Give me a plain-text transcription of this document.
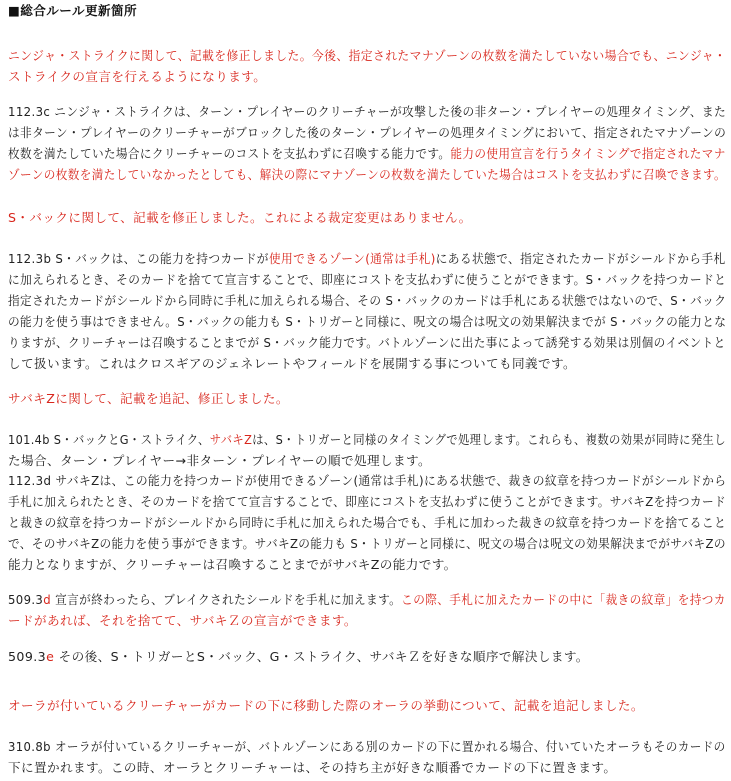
■総合ルール更新箇所
ニンジャ・ストライクに関して、記載を修正しました。今後、指定されたマナゾーンの枚数を満たしていない場合でも、ニンジャ・
ストライクの宣言を行えるようになります。
112.3c ニンジャ・ストライクは、ターン・プレイヤーのクリーチャーが攻撃した後の非ターン・プレイヤーの処理タイミング、また
は非ターン・プレイヤーのクリーチャーがブロックした後のターン・プレイヤーの処理タイミングにおいて、指定されたマナゾーンの
枚数を満たしていた場合にクリーチャーのコストを支払わずに召喚する能力です。能力の使用宣言を行うタイミングで指定されたマナ
ゾーンの枚数を満たしていなかったとしても、解決の際にマナゾーンの枚数を満たしていた場合はコストを支払わずに召喚できます。
S・バックに関して、記載を修正しました。これによる裁定変更はありません。
112.3b S・バックは、この能力を持つカードが使用できるゾーン(通常は手札)にある状態で、指定されたカードがシールドから手札
に加えられるとき、そのカードを捨てて宣言することで、即座にコストを支払わずに使うことができます。S・バックを持つカードと
指定されたカードがシールドから同時に手札に加えられる場合、その S・バックのカードは手札にある状態ではないので、S・バック
の能力を使う事はできません。S・バックの能力も S・トリガーと同様に、呪文の場合は呪文の効果解決までが S・バックの能力とな
りますが、クリーチャーは召喚することまでが S・バック能力です。バトルゾーンに出た事によって誘発する効果は別個のイベントと
して扱います。これはクロスギアのジェネレートやフィールドを展開する事についても同義です。
サバキZに関して、記載を追記、修正しました。
101.4b S・バックとG・ストライク、サバキZは、S・トリガーと同様のタイミングで処理します。これらも、複数の効果が同時に発生し
た場合、ターン・プレイヤー→非ターン・プレイヤーの順で処理します。
112.3d サバキZは、この能力を持つカードが使用できるゾーン(通常は手札)にある状態で、裁きの紋章を持つカードがシールドから
手札に加えられたとき、そのカードを捨てて宣言することで、即座にコストを支払わずに使うことができます。サバキZを持つカード
と裁きの紋章を持つカードがシールドから同時に手札に加えられた場合でも、手札に加わった裁きの紋章を持つカードを捨てること
で、そのサバキZの能力を使う事ができます。サバキZの能力も S・トリガーと同様に、呪文の場合は呪文の効果解決までがサバキZの
能力となりますが、クリーチャーは召喚することまでがサバキZの能力です。
509.3d 宣言が終わったら、ブレイクされたシールドを手札に加えます。この際、手札に加えたカードの中に「裁きの紋章」を持つカ
ードがあれば、それを捨てて、サバキＺの宣言ができます。
509.3e その後、S・トリガーとS・バック、G・ストライク、サバキＺを好きな順序で解決します。
オーラが付いているクリーチャーがカードの下に移動した際のオーラの挙動について、記載を追記しました。
310.8b オーラが付いているクリーチャーが、バトルゾーンにある別のカードの下に置かれる場合、付いていたオーラもそのカードの
下に置かれます。この時、オーラとクリーチャーは、その持ち主が好きな順番でカードの下に置きます。
